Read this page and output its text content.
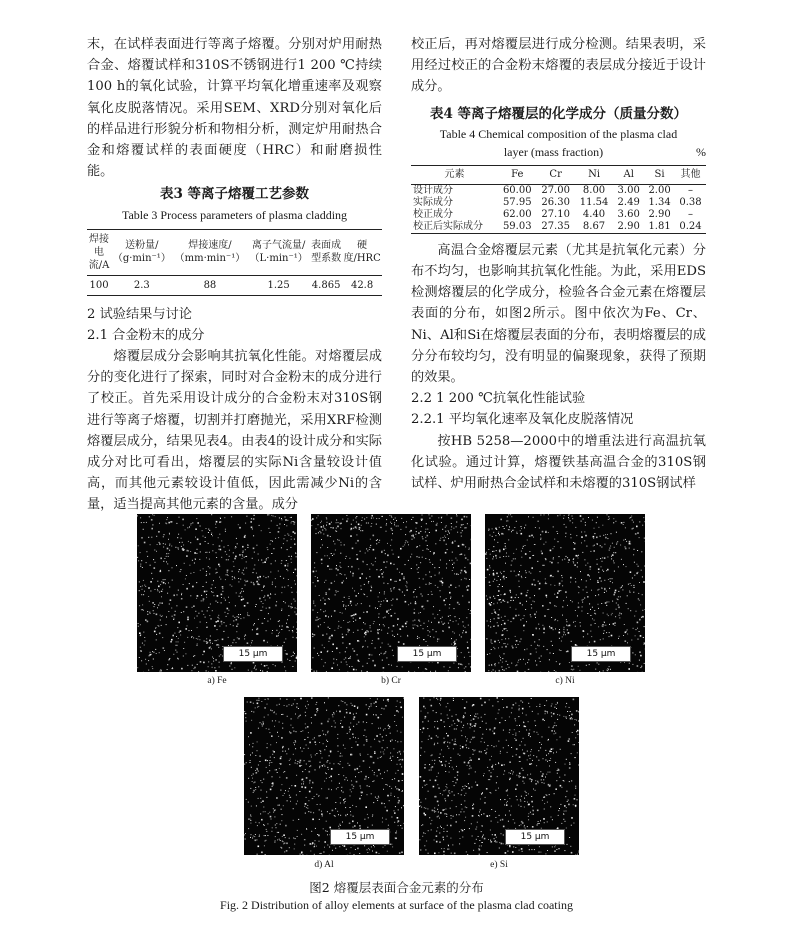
末，在试样表面进行等离子熔覆。分别对炉用耐热合金、熔覆试样和310S不锈钢进行1 200 ℃持续100 h的氧化试验，计算平均氧化增重速率及观察氧化皮脱落情况。采用SEM、XRD分别对氧化后的样品进行形貌分析和物相分析，测定炉用耐热合金和熔覆试样的表面硬度（HRC）和耐磨损性能。

表3 等离子熔覆工艺参数

Table 3 Process parameters of plasma cladding

焊接电流/A	送粉量/（g·min⁻¹）	焊接速度/（mm·min⁻¹）	离子气流量/（L·min⁻¹）	表面成型系数	硬度/HRC
100	2.3	88	1.25	4.865	42.8

2 试验结果与讨论

2.1 合金粉末的成分

熔覆层成分会影响其抗氧化性能。对熔覆层成分的变化进行了探索，同时对合金粉末的成分进行了校正。首先采用设计成分的合金粉末对310S钢进行等离子熔覆，切割并打磨抛光，采用XRF检测熔覆层成分，结果见表4。由表4的设计成分和实际成分对比可看出，熔覆层的实际Ni含量较设计值高，而其他元素较设计值低，因此需减少Ni的含量，适当提高其他元素的含量。成分

校正后，再对熔覆层进行成分检测。结果表明，采用经过校正的合金粉末熔覆的表层成分接近于设计成分。

表4 等离子熔覆层的化学成分（质量分数）

Table 4 Chemical composition of the plasma clad

layer (mass fraction)	%

元素	Fe	Cr	Ni	Al	Si	其他
设计成分	60.00	27.00	8.00	3.00	2.00	–
实际成分	57.95	26.30	11.54	2.49	1.34	0.38
校正成分	62.00	27.10	4.40	3.60	2.90	–
校正后实际成分	59.03	27.35	8.67	2.90	1.81	0.24

高温合金熔覆层元素（尤其是抗氧化元素）分布不均匀，也影响其抗氧化性能。为此，采用EDS检测熔覆层的化学成分，检验各合金元素在熔覆层表面的分布，如图2所示。图中依次为Fe、Cr、Ni、Al和Si在熔覆层表面的分布，表明熔覆层的成分分布较均匀，没有明显的偏聚现象，获得了预期的效果。

2.2 1 200 ℃抗氧化性能试验

2.2.1 平均氧化速率及氧化皮脱落情况

按HB 5258—2000中的增重法进行高温抗氧化试验。通过计算，熔覆铁基高温合金的310S钢试样、炉用耐热合金试样和未熔覆的310S钢试样

15 μm	15 μm	15 μm
a) Fe	b) Cr	c) Ni
15 μm	15 μm
d) Al	e) Si
图2 熔覆层表面合金元素的分布
Fig. 2 Distribution of alloy elements at surface of the plasma clad coating
